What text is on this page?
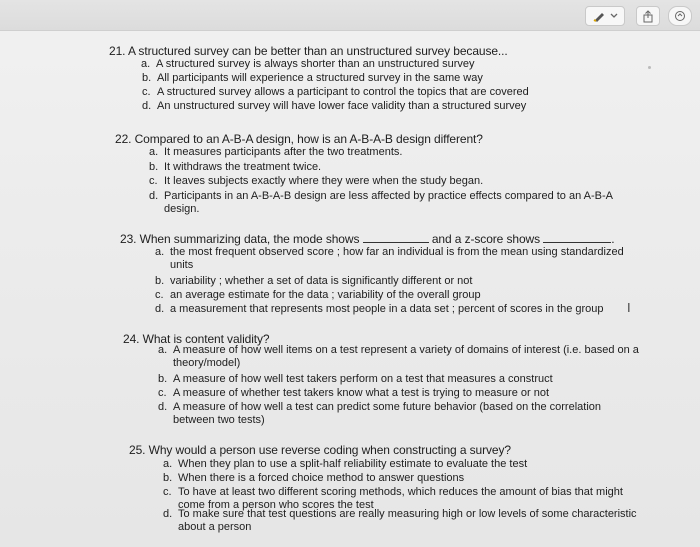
21. A structured survey can be better than an unstructured survey because...
a. A structured survey is always shorter than an unstructured survey
b. All participants will experience a structured survey in the same way
c. A structured survey allows a participant to control the topics that are covered
d. An unstructured survey will have lower face validity than a structured survey
22. Compared to an A-B-A design, how is an A-B-A-B design different?
a. It measures participants after the two treatments.
b. It withdraws the treatment twice.
c. It leaves subjects exactly where they were when the study began.
d. Participants in an A-B-A-B design are less affected by practice effects compared to an A-B-A design.
23. When summarizing data, the mode shows	and a z-score shows	.
a. the most frequent observed score ; how far an individual is from the mean using standardized units
b. variability ; whether a set of data is significantly different or not
c. an average estimate for the data ; variability of the overall group
d. a measurement that represents most people in a data set ; percent of scores in the group	I
24. What is content validity?
a. A measure of how well items on a test represent a variety of domains of interest (i.e. based on a theory/model)
b. A measure of how well test takers perform on a test that measures a construct
c. A measure of whether test takers know what a test is trying to measure or not
d. A measure of how well a test can predict some future behavior (based on the correlation between two tests)
25. Why would a person use reverse coding when constructing a survey?
a. When they plan to use a split-half reliability estimate to evaluate the test
b. When there is a forced choice method to answer questions
c. To have at least two different scoring methods, which reduces the amount of bias that might come from a person who scores the test
d. To make sure that test questions are really measuring high or low levels of some characteristic about a person
